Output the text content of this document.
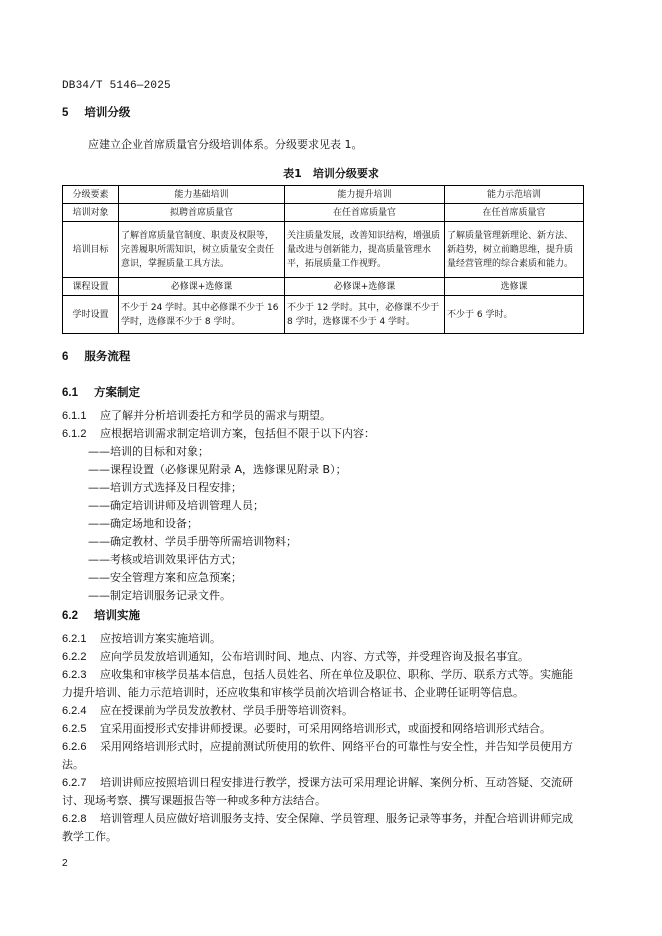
DB34/T 5146—2025
5 培训分级
应建立企业首席质量官分级培训体系。分级要求见表 1。
表1　培训分级要求
分级要素	能力基础培训	能力提升培训	能力示范培训
培训对象	拟聘首席质量官	在任首席质量官	在任首席质量官
培训目标	了解首席质量官制度、职责及权限等，完善履职所需知识，树立质量安全责任意识，掌握质量工具方法。	关注质量发展，改善知识结构，增强质量改进与创新能力，提高质量管理水平，拓展质量工作视野。	了解质量管理新理论、新方法、新趋势，树立前瞻思维，提升质量经营管理的综合素质和能力。
课程设置	必修课+选修课	必修课+选修课	选修课
学时设置	不少于 24 学时。其中必修课不少于 16 学时，选修课不少于 8 学时。	不少于 12 学时。其中，必修课不少于 8 学时，选修课不少于 4 学时。	不少于 6 学时。
6 服务流程
6.1 方案制定
6.1.1 应了解并分析培训委托方和学员的需求与期望。
6.1.2 应根据培训需求制定培训方案，包括但不限于以下内容：
——培训的目标和对象；
——课程设置（必修课见附录 A，选修课见附录 B）；
——培训方式选择及日程安排；
——确定培训讲师及培训管理人员；
——确定场地和设备；
——确定教材、学员手册等所需培训物料；
——考核或培训效果评估方式；
——安全管理方案和应急预案；
——制定培训服务记录文件。
6.2 培训实施
6.2.1 应按培训方案实施培训。
6.2.2 应向学员发放培训通知，公布培训时间、地点、内容、方式等，并受理咨询及报名事宜。
6.2.3 应收集和审核学员基本信息，包括人员姓名、所在单位及职位、职称、学历、联系方式等。实施能力提升培训、能力示范培训时，还应收集和审核学员前次培训合格证书、企业聘任证明等信息。
6.2.4 应在授课前为学员发放教材、学员手册等培训资料。
6.2.5 宜采用面授形式安排讲师授课。必要时，可采用网络培训形式，或面授和网络培训形式结合。
6.2.6 采用网络培训形式时，应提前测试所使用的软件、网络平台的可靠性与安全性，并告知学员使用方法。
6.2.7 培训讲师应按照培训日程安排进行教学，授课方法可采用理论讲解、案例分析、互动答疑、交流研讨、现场考察、撰写课题报告等一种或多种方法结合。
6.2.8 培训管理人员应做好培训服务支持、安全保障、学员管理、服务记录等事务，并配合培训讲师完成教学工作。
2
